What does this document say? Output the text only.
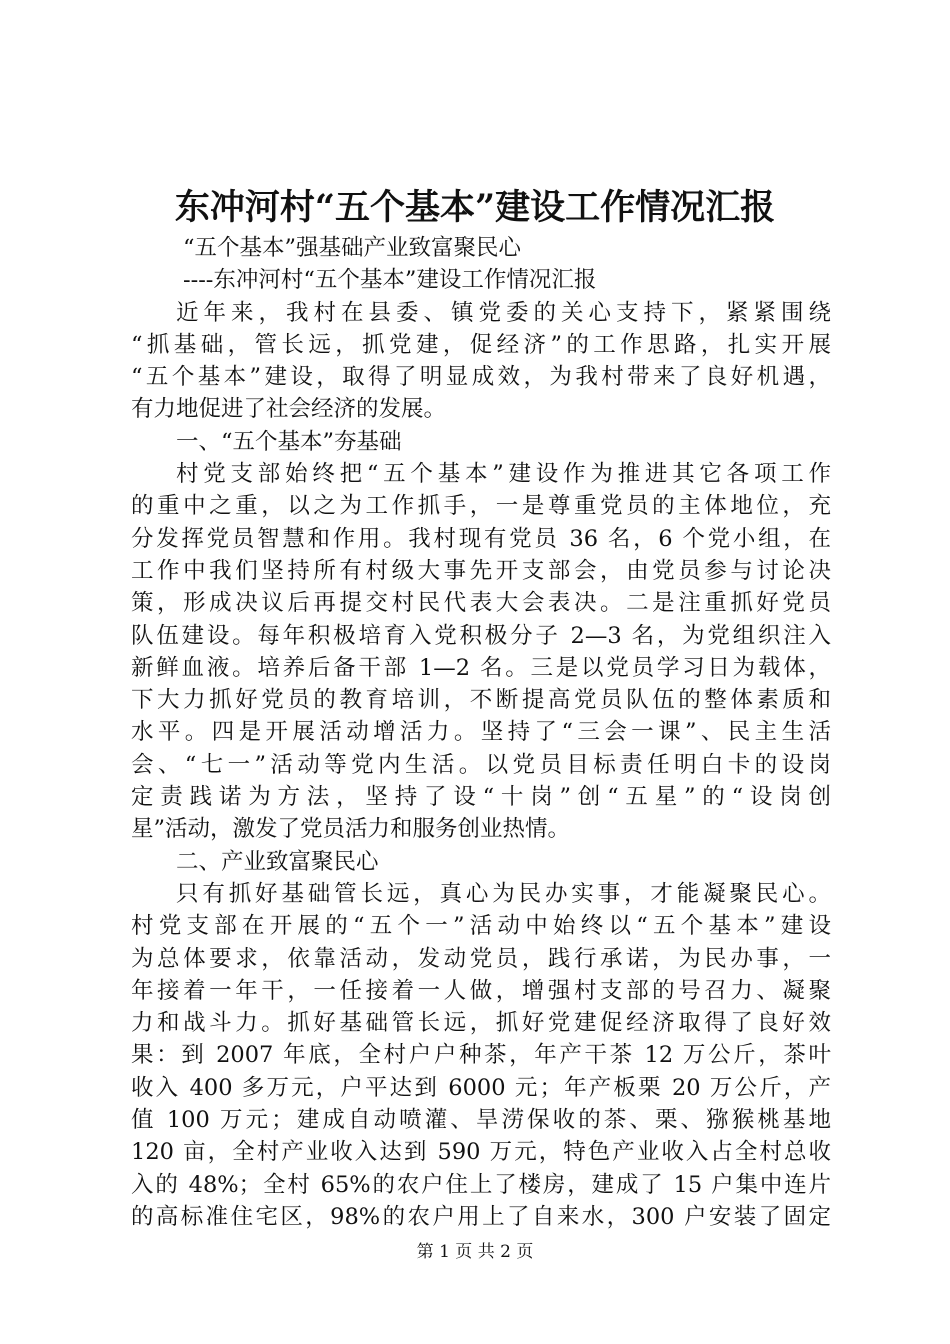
东冲河村“五个基本”建设工作情况汇报
“五个基本”强基础产业致富聚民心
----东冲河村“五个基本”建设工作情况汇报
近年来，我村在县委、镇党委的关心支持下，紧紧围绕
“抓基础，管长远，抓党建，促经济”的工作思路，扎实开展
“五个基本”建设，取得了明显成效，为我村带来了良好机遇，
有力地促进了社会经济的发展。
一、“五个基本”夯基础
村党支部始终把“五个基本”建设作为推进其它各项工作
的重中之重，以之为工作抓手，一是尊重党员的主体地位，充
分发挥党员智慧和作用。我村现有党员 36 名，6 个党小组，在
工作中我们坚持所有村级大事先开支部会，由党员参与讨论决
策，形成决议后再提交村民代表大会表决。二是注重抓好党员
队伍建设。每年积极培育入党积极分子 2—3 名，为党组织注入
新鲜血液。培养后备干部 1—2 名。三是以党员学习日为载体，
下大力抓好党员的教育培训，不断提高党员队伍的整体素质和
水平。四是开展活动增活力。坚持了“三会一课”、民主生活
会、“七一”活动等党内生活。以党员目标责任明白卡的设岗
定责践诺为方法，坚持了设“十岗”创“五星”的“设岗创
星”活动，激发了党员活力和服务创业热情。
二、产业致富聚民心
只有抓好基础管长远，真心为民办实事，才能凝聚民心。
村党支部在开展的“五个一”活动中始终以“五个基本”建设
为总体要求，依靠活动，发动党员，践行承诺，为民办事，一
年接着一年干，一任接着一人做，增强村支部的号召力、凝聚
力和战斗力。抓好基础管长远，抓好党建促经济取得了良好效
果：到 2007 年底，全村户户种茶，年产干茶 12 万公斤，茶叶
收入 400 多万元，户平达到 6000 元；年产板栗 20 万公斤，产
值 100 万元；建成自动喷灌、旱涝保收的茶、栗、猕猴桃基地
120 亩，全村产业收入达到 590 万元，特色产业收入占全村总收
入的 48%；全村 65%的农户住上了楼房，建成了 15 户集中连片
的高标准住宅区，98%的农户用上了自来水，300 户安装了固定
第 1 页 共 2 页
